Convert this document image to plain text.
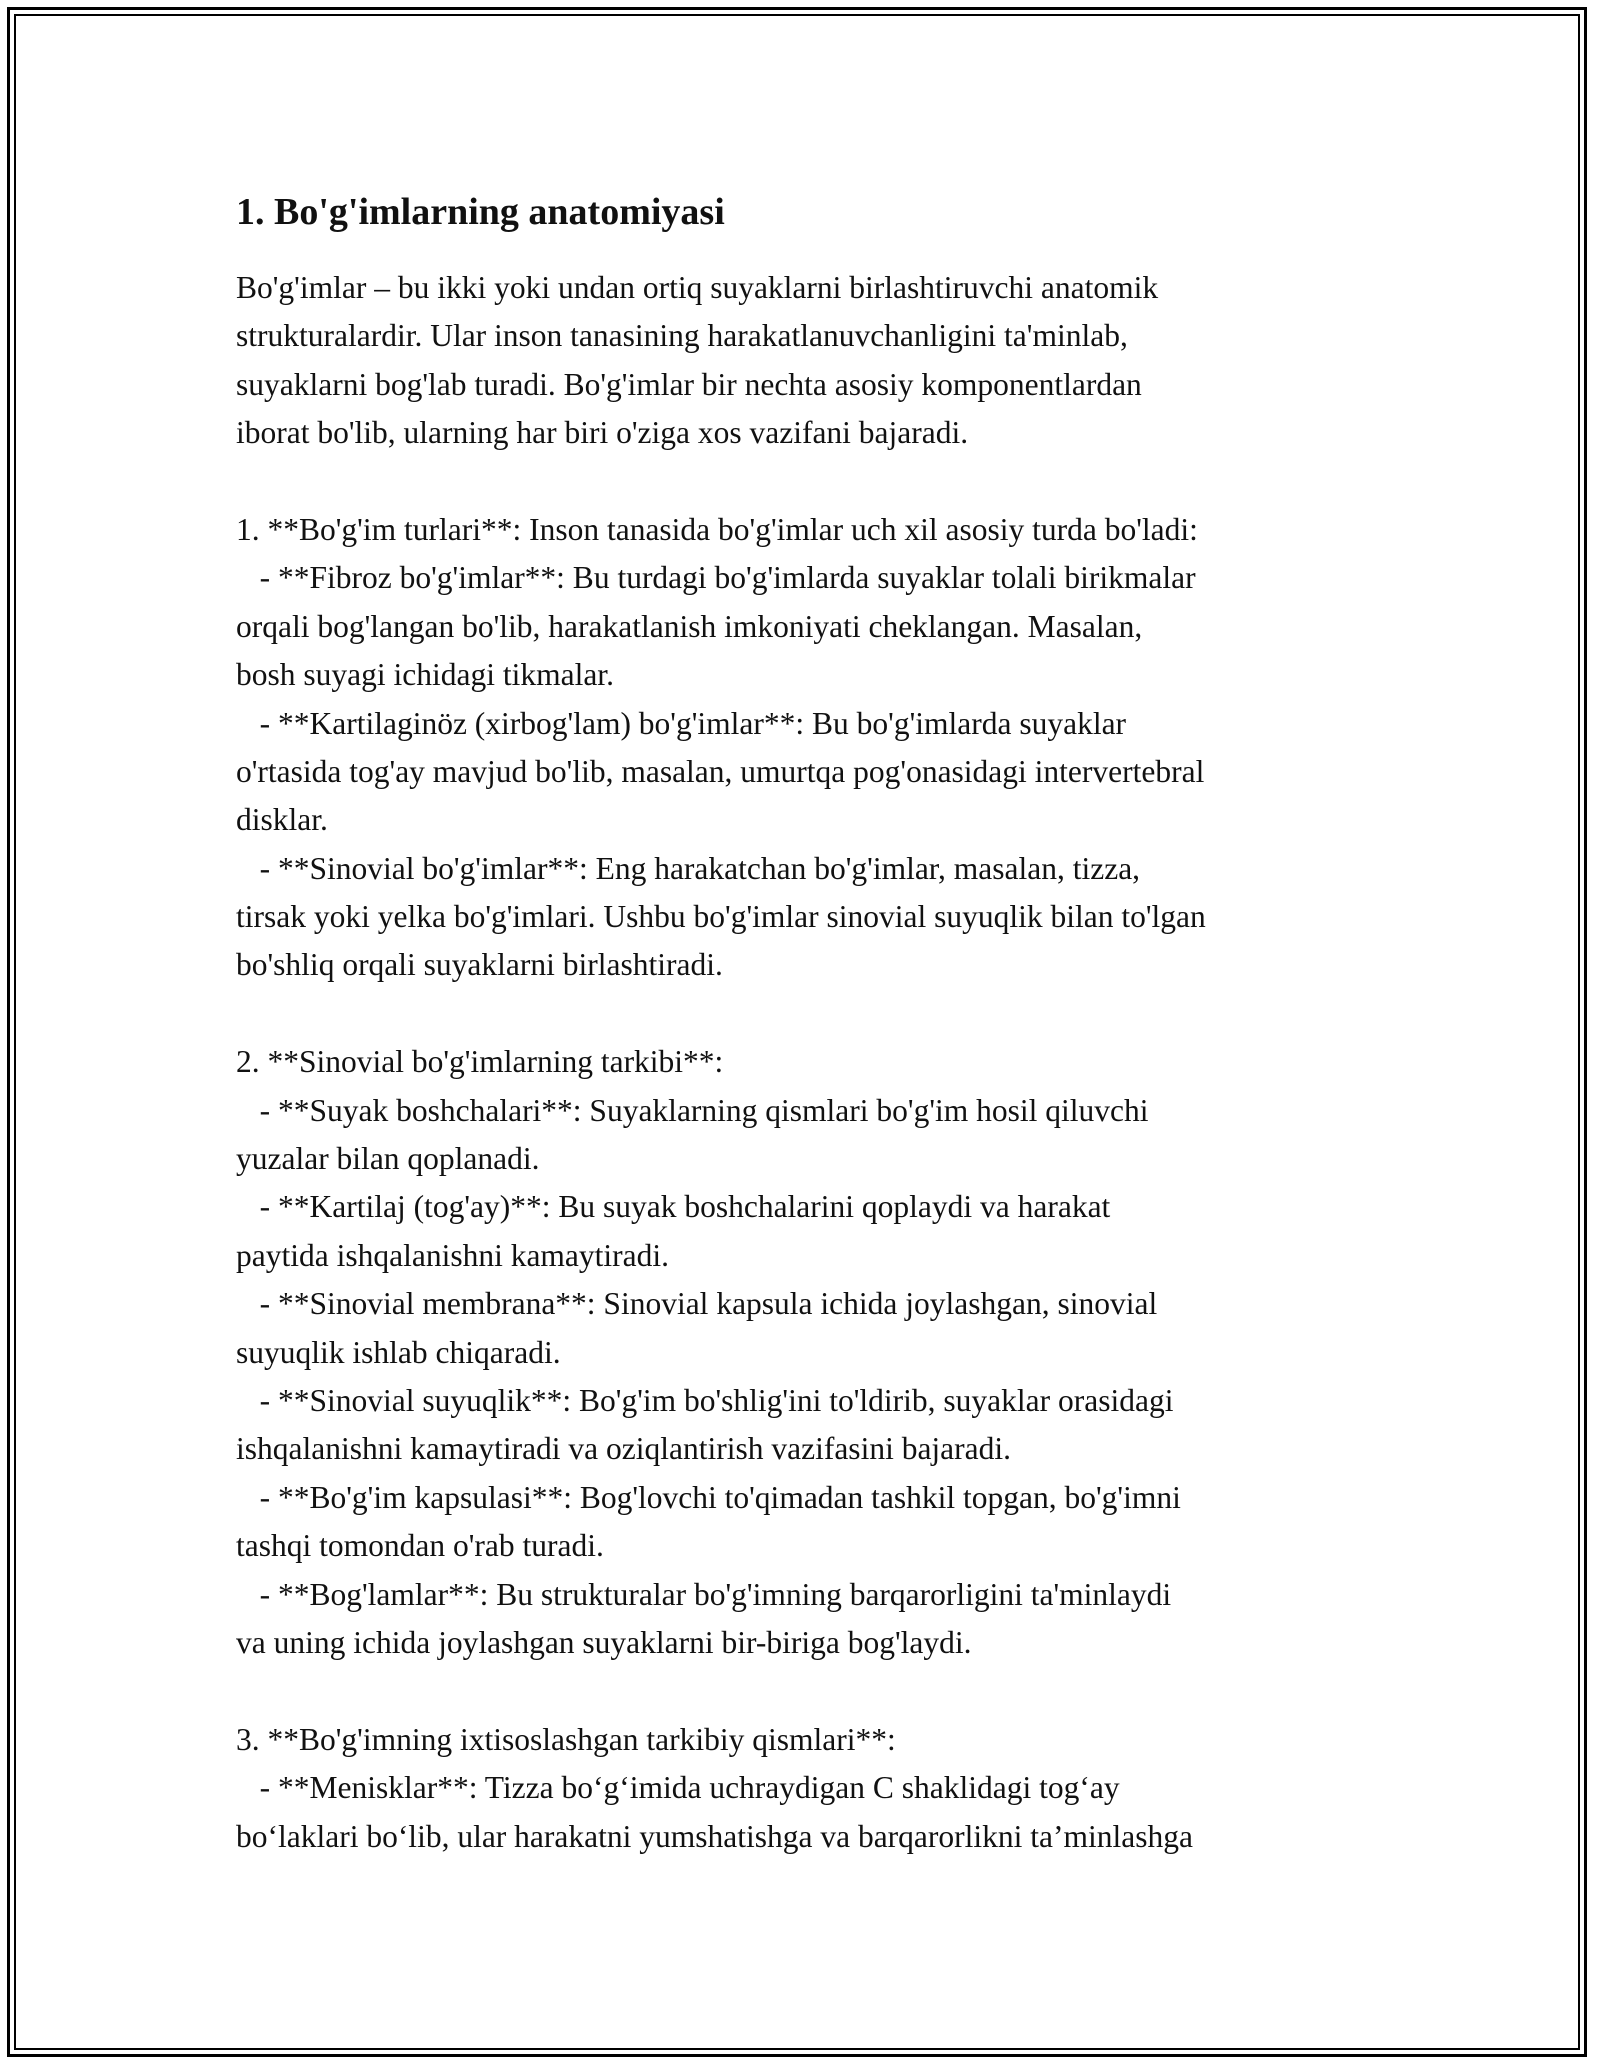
1. Bo'g'imlarning anatomiyasi
Bo'g'imlar – bu ikki yoki undan ortiq suyaklarni birlashtiruvchi anatomik
strukturalardir. Ular inson tanasining harakatlanuvchanligini ta'minlab,
suyaklarni bog'lab turadi. Bo'g'imlar bir nechta asosiy komponentlardan
iborat bo'lib, ularning har biri o'ziga xos vazifani bajaradi.
1. **Bo'g'im turlari**: Inson tanasida bo'g'imlar uch xil asosiy turda bo'ladi:
- **Fibroz bo'g'imlar**: Bu turdagi bo'g'imlarda suyaklar tolali birikmalar
orqali bog'langan bo'lib, harakatlanish imkoniyati cheklangan. Masalan,
bosh suyagi ichidagi tikmalar.
- **Kartilaginöz (xirbog'lam) bo'g'imlar**: Bu bo'g'imlarda suyaklar
o'rtasida tog'ay mavjud bo'lib, masalan, umurtqa pog'onasidagi intervertebral
disklar.
- **Sinovial bo'g'imlar**: Eng harakatchan bo'g'imlar, masalan, tizza,
tirsak yoki yelka bo'g'imlari. Ushbu bo'g'imlar sinovial suyuqlik bilan to'lgan
bo'shliq orqali suyaklarni birlashtiradi.
2. **Sinovial bo'g'imlarning tarkibi**:
- **Suyak boshchalari**: Suyaklarning qismlari bo'g'im hosil qiluvchi
yuzalar bilan qoplanadi.
- **Kartilaj (tog'ay)**: Bu suyak boshchalarini qoplaydi va harakat
paytida ishqalanishni kamaytiradi.
- **Sinovial membrana**: Sinovial kapsula ichida joylashgan, sinovial
suyuqlik ishlab chiqaradi.
- **Sinovial suyuqlik**: Bo'g'im bo'shlig'ini to'ldirib, suyaklar orasidagi
ishqalanishni kamaytiradi va oziqlantirish vazifasini bajaradi.
- **Bo'g'im kapsulasi**: Bog'lovchi to'qimadan tashkil topgan, bo'g'imni
tashqi tomondan o'rab turadi.
- **Bog'lamlar**: Bu strukturalar bo'g'imning barqarorligini ta'minlaydi
va uning ichida joylashgan suyaklarni bir-biriga bog'laydi.
3. **Bo'g'imning ixtisoslashgan tarkibiy qismlari**:
- **Menisklar**: Tizza bo‘g‘imida uchraydigan C shaklidagi tog‘ay
bo‘laklari bo‘lib, ular harakatni yumshatishga va barqarorlikni ta’minlashga
